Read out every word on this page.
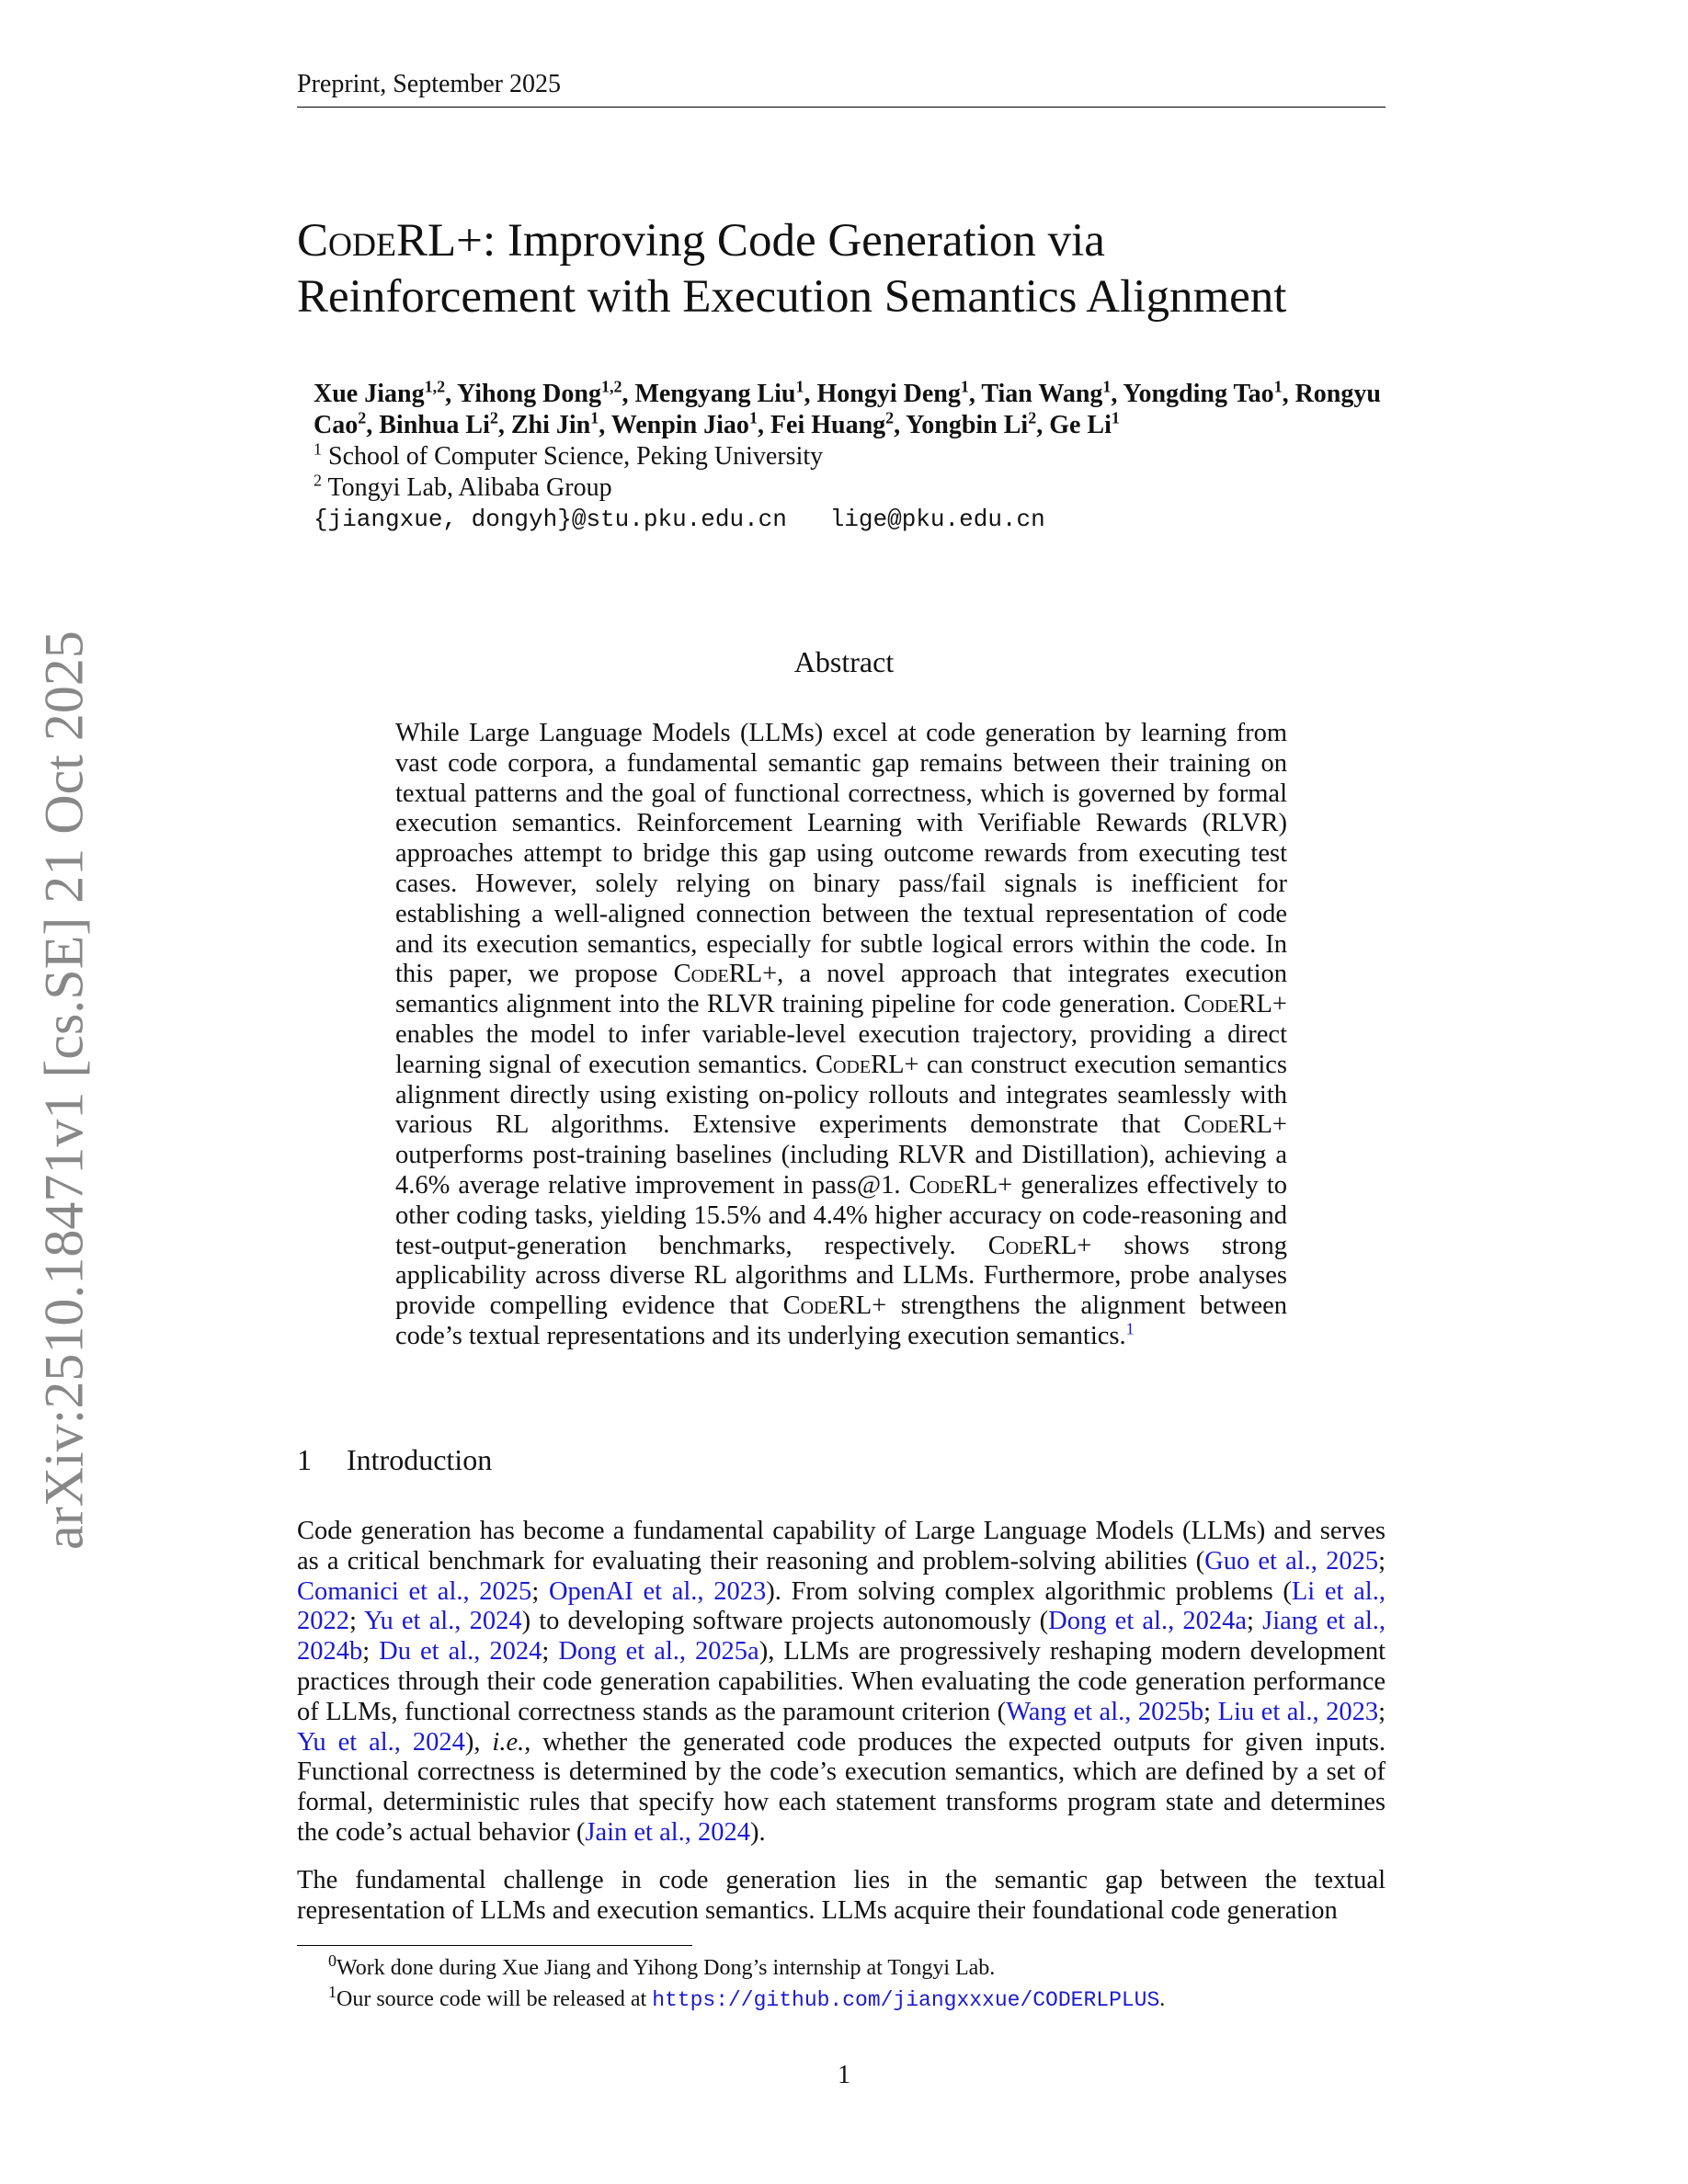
Preprint, September 2025
arXiv:2510.18471v1 [cs.SE] 21 Oct 2025
CodeRL+: Improving Code Generation via Reinforcement with Execution Semantics Alignment
Xue Jiang$^{1,2}$, Yihong Dong$^{1,2}$, Mengyang Liu$^1$, Hongyi Deng$^1$, Tian Wang$^1$, Yongding Tao$^1$, Rongyu Cao$^2$, Binhua Li$^2$, Zhi Jin$^1$, Wenpin Jiao$^1$, Fei Huang$^2$, Yongbin Li$^2$, Ge Li$^1$
$^1$ School of Computer Science, Peking University
$^2$ Tongyi Lab, Alibaba Group
{jiangxue, dongyh}@stu.pku.edu.cn   lige@pku.edu.cn
Abstract
While Large Language Models (LLMs) excel at code generation by learning from vast code corpora, a fundamental semantic gap remains between their training on textual patterns and the goal of functional correctness, which is governed by formal execution semantics. Reinforcement Learning with Verifiable Rewards (RLVR) approaches attempt to bridge this gap using outcome rewards from executing test cases. However, solely relying on binary pass/fail signals is inefficient for establishing a well-aligned connection between the textual representation of code and its execution semantics, especially for subtle logical errors within the code. In this paper, we propose CodeRL+, a novel approach that integrates execution semantics alignment into the RLVR training pipeline for code generation. CodeRL+ enables the model to infer variable-level execution trajectory, providing a direct learning signal of execution semantics. CodeRL+ can construct execution semantics alignment directly using existing on-policy rollouts and integrates seamlessly with various RL algorithms. Extensive experiments demonstrate that CodeRL+ outperforms post-training baselines (including RLVR and Distillation), achieving a 4.6% average relative improvement in pass@1. CodeRL+ generalizes effectively to other coding tasks, yielding 15.5% and 4.4% higher accuracy on code-reasoning and test-output-generation benchmarks, respectively. CodeRL+ shows strong applicability across diverse RL algorithms and LLMs. Furthermore, probe analyses provide compelling evidence that CodeRL+ strengthens the alignment between code’s textual representations and its underlying execution semantics.$^1$
1 Introduction
Code generation has become a fundamental capability of Large Language Models (LLMs) and serves as a critical benchmark for evaluating their reasoning and problem-solving abilities (Guo et al., 2025; Comanici et al., 2025; OpenAI et al., 2023). From solving complex algorithmic problems (Li et al., 2022; Yu et al., 2024) to developing software projects autonomously (Dong et al., 2024a; Jiang et al., 2024b; Du et al., 2024; Dong et al., 2025a), LLMs are progressively reshaping modern development practices through their code generation capabilities. When evaluating the code generation performance of LLMs, functional correctness stands as the paramount criterion (Wang et al., 2025b; Liu et al., 2023; Yu et al., 2024), i.e., whether the generated code produces the expected outputs for given inputs. Functional correctness is determined by the code’s execution semantics, which are defined by a set of formal, deterministic rules that specify how each statement transforms program state and determines the code’s actual behavior (Jain et al., 2024).
The fundamental challenge in code generation lies in the semantic gap between the textual representation of LLMs and execution semantics. LLMs acquire their foundational code generation
$^0$Work done during Xue Jiang and Yihong Dong’s internship at Tongyi Lab.
$^1$Our source code will be released at https://github.com/jiangxxxue/CODERLPLUS.
1
